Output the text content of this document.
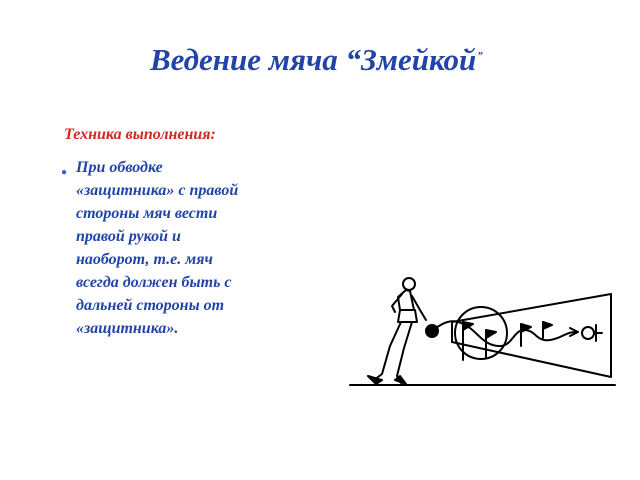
Ведение мяча “Змейкой”
Техника выполнения:
● При обводке
«защитника» с правой
стороны мяч вести
правой рукой и
наоборот, т.е. мяч
всегда должен быть с
дальней стороны от
«защитника».
